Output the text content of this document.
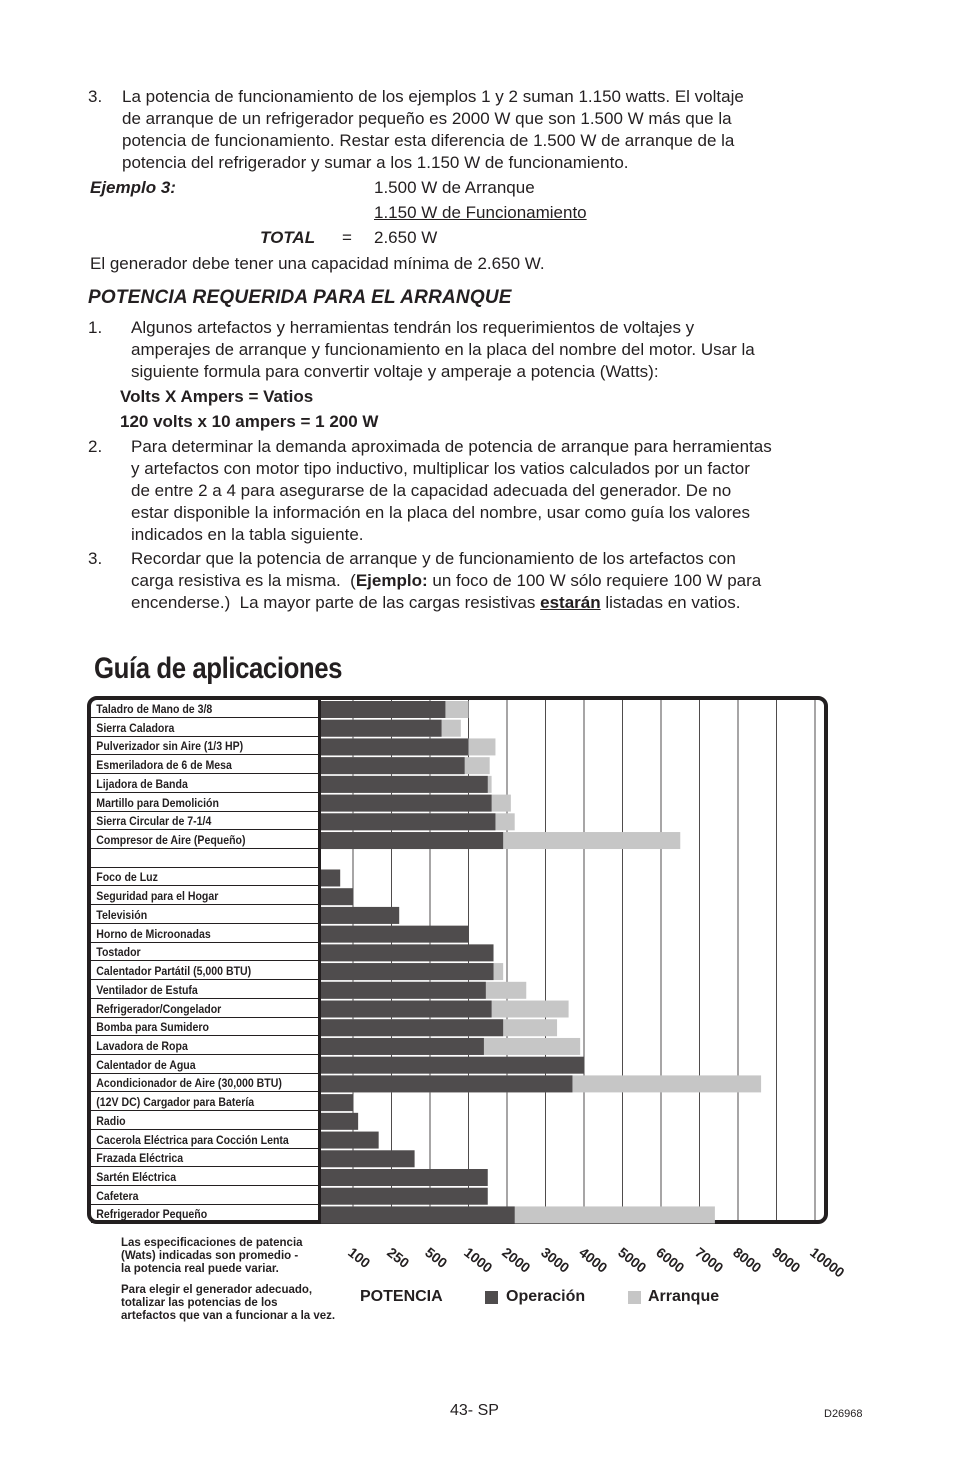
3.	La potencia de funcionamiento de los ejemplos 1 y 2 suman 1.150 watts. El voltaje
de arranque de un refrigerador pequeño es 2000 W que son 1.500 W más que la
potencia de funcionamiento. Restar esta diferencia de 1.500 W de arranque de la
potencia del refrigerador y sumar a los 1.150 W de funcionamiento.
Ejemplo 3:	1.500 W de Arranque
1.150 W de Funcionamiento
TOTAL = 2.650 W
El generador debe tener una capacidad mínima de 2.650 W.
POTENCIA REQUERIDA PARA EL ARRANQUE
1.	Algunos artefactos y herramientas tendrán los requerimientos de voltajes y
amperajes de arranque y funcionamiento en la placa del nombre del motor. Usar la
siguiente formula para convertir voltaje y amperaje a potencia (Watts):
Volts X Ampers = Vatios
120 volts x 10 ampers = 1 200 W
2.	Para determinar la demanda aproximada de potencia de arranque para herramientas
y artefactos con motor tipo inductivo, multiplicar los vatios calculados por un factor
de entre 2 a 4 para asegurarse de la capacidad adecuada del generador. De no
estar disponible la información en la placa del nombre, usar como guía los valores
indicados en la tabla siguiente.
3.	Recordar que la potencia de arranque y de funcionamiento de los artefactos con
carga resistiva es la misma.  (Ejemplo: un foco de 100 W sólo requiere 100 W para
encenderse.)  La mayor parte de las cargas resistivas estarán listadas en vatios.
Guía de aplicaciones
Taladro de Mano de 3/8
Sierra Caladora
Pulverizador sin Aire (1/3 HP)
Esmeriladora de 6 de Mesa
Lijadora de Banda
Martillo para Demolición
Sierra Circular de 7-1/4
Compresor de Aire (Pequeño)
Foco de Luz
Seguridad para el Hogar
Televisión
Horno de Microonadas
Tostador
Calentador Partátil (5,000 BTU)
Ventilador de Estufa
Refrigerador/Congelador
Bomba para Sumidero
Lavadora de Ropa
Calentador de Agua
Acondicionador de Aire (30,000 BTU)
(12V DC) Cargador para Batería
Radio
Cacerola Eléctrica para Cocción Lenta
Frazada Eléctrica
Sartén Eléctrica
Cafetera
Refrigerador Pequeño
100 250 500 1000 2000 3000 4000 5000 6000 7000 8000 9000 10000
Las especificaciones de patencia
(Wats) indicadas son promedio -
la potencia real puede variar.
Para elegir el generador adecuado,
totalizar las potencias de los
artefactos que van a funcionar a la vez.
POTENCIA	Operación	Arranque
43- SP	D26968
